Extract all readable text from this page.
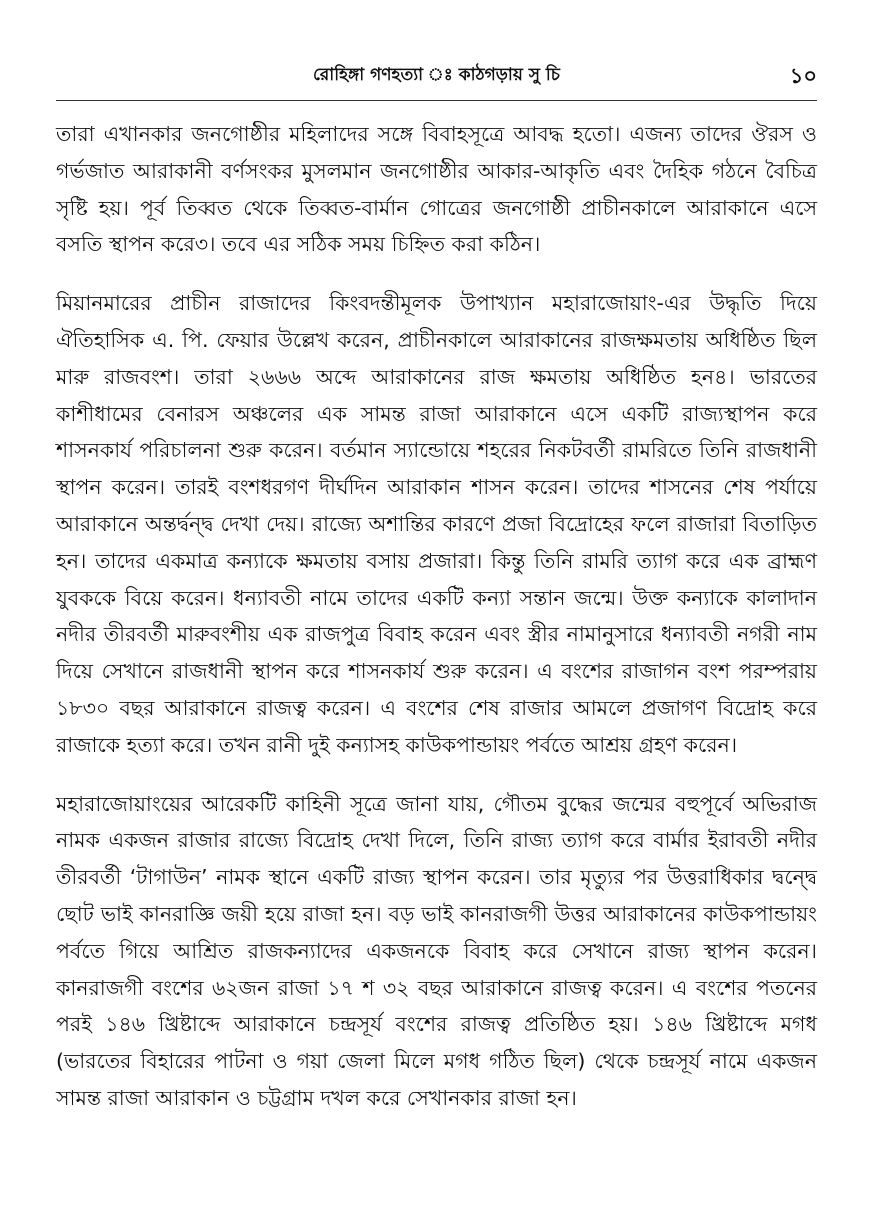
রোহিঙ্গা গণহত্যা ঃ কাঠগড়ায় সু চি	১০

তারা এখানকার জনগোষ্ঠীর মহিলাদের সঙ্গে বিবাহসূত্রে আবদ্ধ হতো। এজন্য তাদের ঔরস ও গর্ভজাত আরাকানী বর্ণসংকর মুসলমান জনগোষ্ঠীর আকার-আকৃতি এবং দৈহিক গঠনে বৈচিত্র সৃষ্টি হয়। পূর্ব তিব্বত থেকে তিব্বত-বার্মান গোত্রের জনগোষ্ঠী প্রাচীনকালে আরাকানে এসে বসতি স্থাপন করে৩। তবে এর সঠিক সময় চিহ্নিত করা কঠিন।

মিয়ানমারের প্রাচীন রাজাদের কিংবদন্তীমূলক উপাখ্যান মহারাজোয়াং-এর উদ্ধৃতি দিয়ে ঐতিহাসিক এ. পি. ফেয়ার উল্লেখ করেন, প্রাচীনকালে আরাকানের রাজক্ষমতায় অধিষ্ঠিত ছিল মারু রাজবংশ। তারা ২৬৬৬ অব্দে আরাকানের রাজ ক্ষমতায় অধিষ্ঠিত হন৪। ভারতের কাশীধামের বেনারস অঞ্চলের এক সামন্ত রাজা আরাকানে এসে একটি রাজ্যস্থাপন করে শাসনকার্য পরিচালনা শুরু করেন। বর্তমান স্যান্ডোয়ে শহরের নিকটবর্তী রামরিতে তিনি রাজধানী স্থাপন করেন। তারই বংশধরগণ দীর্ঘদিন আরাকান শাসন করেন। তাদের শাসনের শেষ পর্যায়ে আরাকানে অন্তর্দ্বন্দ্ব দেখা দেয়। রাজ্যে অশান্তির কারণে প্রজা বিদ্রোহের ফলে রাজারা বিতাড়িত হন। তাদের একমাত্র কন্যাকে ক্ষমতায় বসায় প্রজারা। কিন্তু তিনি রামরি ত্যাগ করে এক ব্রাহ্মণ যুবককে বিয়ে করেন। ধন্যাবতী নামে তাদের একটি কন্যা সন্তান জন্মে। উক্ত কন্যাকে কালাদান নদীর তীরবর্তী মারুবংশীয় এক রাজপুত্র বিবাহ করেন এবং স্ত্রীর নামানুসারে ধন্যাবতী নগরী নাম দিয়ে সেখানে রাজধানী স্থাপন করে শাসনকার্য শুরু করেন। এ বংশের রাজাগন বংশ পরম্পরায় ১৮৩০ বছর আরাকানে রাজত্ব করেন। এ বংশের শেষ রাজার আমলে প্রজাগণ বিদ্রোহ করে রাজাকে হত্যা করে। তখন রানী দুই কন্যাসহ কাউকপান্ডায়ং পর্বতে আশ্রয় গ্রহণ করেন।

মহারাজোয়াংয়ের আরেকটি কাহিনী সূত্রে জানা যায়, গৌতম বুদ্ধের জন্মের বহুপূর্বে অভিরাজ নামক একজন রাজার রাজ্যে বিদ্রোহ দেখা দিলে, তিনি রাজ্য ত্যাগ করে বার্মার ইরাবতী নদীর তীরবর্তী ‘টাগাউন’ নামক স্থানে একটি রাজ্য স্থাপন করেন। তার মৃত্যুর পর উত্তরাধিকার দ্বন্দ্বে ছোট ভাই কানরাজ্ঞি জয়ী হয়ে রাজা হন। বড় ভাই কানরাজগী উত্তর আরাকানের কাউকপান্ডায়ং পর্বতে গিয়ে আশ্রিত রাজকন্যাদের একজনকে বিবাহ করে সেখানে রাজ্য স্থাপন করেন। কানরাজগী বংশের ৬২জন রাজা ১৭ শ ৩২ বছর আরাকানে রাজত্ব করেন। এ বংশের পতনের পরই ১৪৬ খ্রিষ্টাব্দে আরাকানে চন্দ্রসূর্য বংশের রাজত্ব প্রতিষ্ঠিত হয়। ১৪৬ খ্রিষ্টাব্দে মগধ (ভারতের বিহারের পাটনা ও গয়া জেলা মিলে মগধ গঠিত ছিল) থেকে চন্দ্রসূর্য নামে একজন সামন্ত রাজা আরাকান ও চট্টগ্রাম দখল করে সেখানকার রাজা হন।
